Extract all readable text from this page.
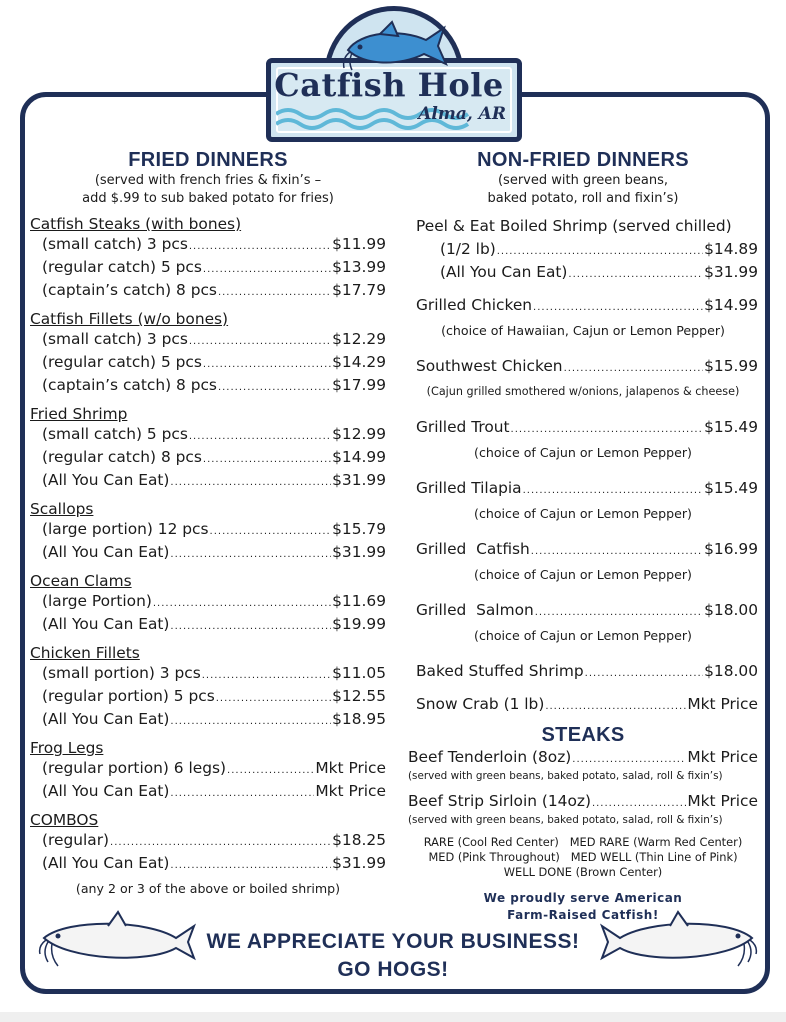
Catfish Hole
Alma, AR
FRIED DINNERS
(served with french fries & fixin’s –
add $.99 to sub baked potato for fries)
Catfish Steaks (with bones)
(small catch) 3 pcs .....	$11.99
(regular catch) 5 pcs .....	$13.99
(captain’s catch) 8 pcs .....	$17.79
Catfish Fillets (w/o bones)
(small catch) 3 pcs .....	$12.29
(regular catch) 5 pcs .....	$14.29
(captain’s catch) 8 pcs .....	$17.99
Fried Shrimp
(small catch) 5 pcs .....	$12.99
(regular catch) 8 pcs .....	$14.99
(All You Can Eat) .....	$31.99
Scallops
(large portion) 12 pcs .....	$15.79
(All You Can Eat) .....	$31.99
Ocean Clams
(large Portion) .....	$11.69
(All You Can Eat) .....	$19.99
Chicken Fillets
(small portion) 3 pcs .....	$11.05
(regular portion) 5 pcs .....	$12.55
(All You Can Eat) .....	$18.95
Frog Legs
(regular portion) 6 legs) .....	Mkt Price
(All You Can Eat) .....	Mkt Price
COMBOS
(regular) .....	$18.25
(All You Can Eat) .....	$31.99
(any 2 or 3 of the above or boiled shrimp)
NON-FRIED DINNERS
(served with green beans,
baked potato, roll and fixin’s)
Peel & Eat Boiled Shrimp (served chilled)
(1/2 lb) .....	$14.89
(All You Can Eat) .....	$31.99
Grilled Chicken .....	$14.99
(choice of Hawaiian, Cajun or Lemon Pepper)
Southwest Chicken .....	$15.99
(Cajun grilled smothered w/onions, jalapenos & cheese)
Grilled Trout .....	$15.49
(choice of Cajun or Lemon Pepper)
Grilled Tilapia .....	$15.49
(choice of Cajun or Lemon Pepper)
Grilled  Catfish .....	$16.99
(choice of Cajun or Lemon Pepper)
Grilled  Salmon .....	$18.00
(choice of Cajun or Lemon Pepper)
Baked Stuffed Shrimp .....	$18.00
Snow Crab (1 lb) .....	Mkt Price
STEAKS
Beef Tenderloin (8oz) .....	Mkt Price
(served with green beans, baked potato, salad, roll & fixin’s)
Beef Strip Sirloin (14oz) .....	Mkt Price
(served with green beans, baked potato, salad, roll & fixin’s)
RARE (Cool Red Center)   MED RARE (Warm Red Center)
MED (Pink Throughout)   MED WELL (Thin Line of Pink)
WELL DONE (Brown Center)
We proudly serve American
Farm-Raised Catfish!
WE APPRECIATE YOUR BUSINESS!
GO HOGS!
